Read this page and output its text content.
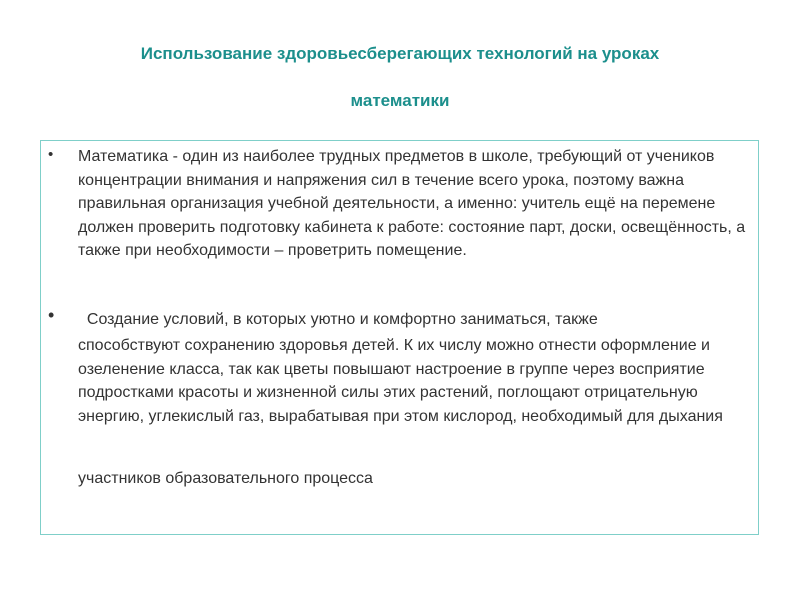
Использование здоровьесберегающих технологий на уроках
математики
• Математика - один из наиболее трудных предметов в школе, требующий от учеников концентрации внимания и напряжения сил в течение всего урока, поэтому важна правильная организация учебной деятельности, а именно: учитель ещё на перемене должен проверить подготовку кабинета к работе: состояние парт, доски, освещённость, а также при необходимости – проветрить помещение.
• Создание условий, в которых уютно и комфортно заниматься, также
способствуют сохранению здоровья детей. К их числу можно отнести оформление и озеленение класса, так как цветы повышают настроение в группе через восприятие подростками красоты и жизненной силы этих растений, поглощают отрицательную энергию, углекислый газ, вырабатывая при этом кислород, необходимый для дыхания
участников образовательного процесса
